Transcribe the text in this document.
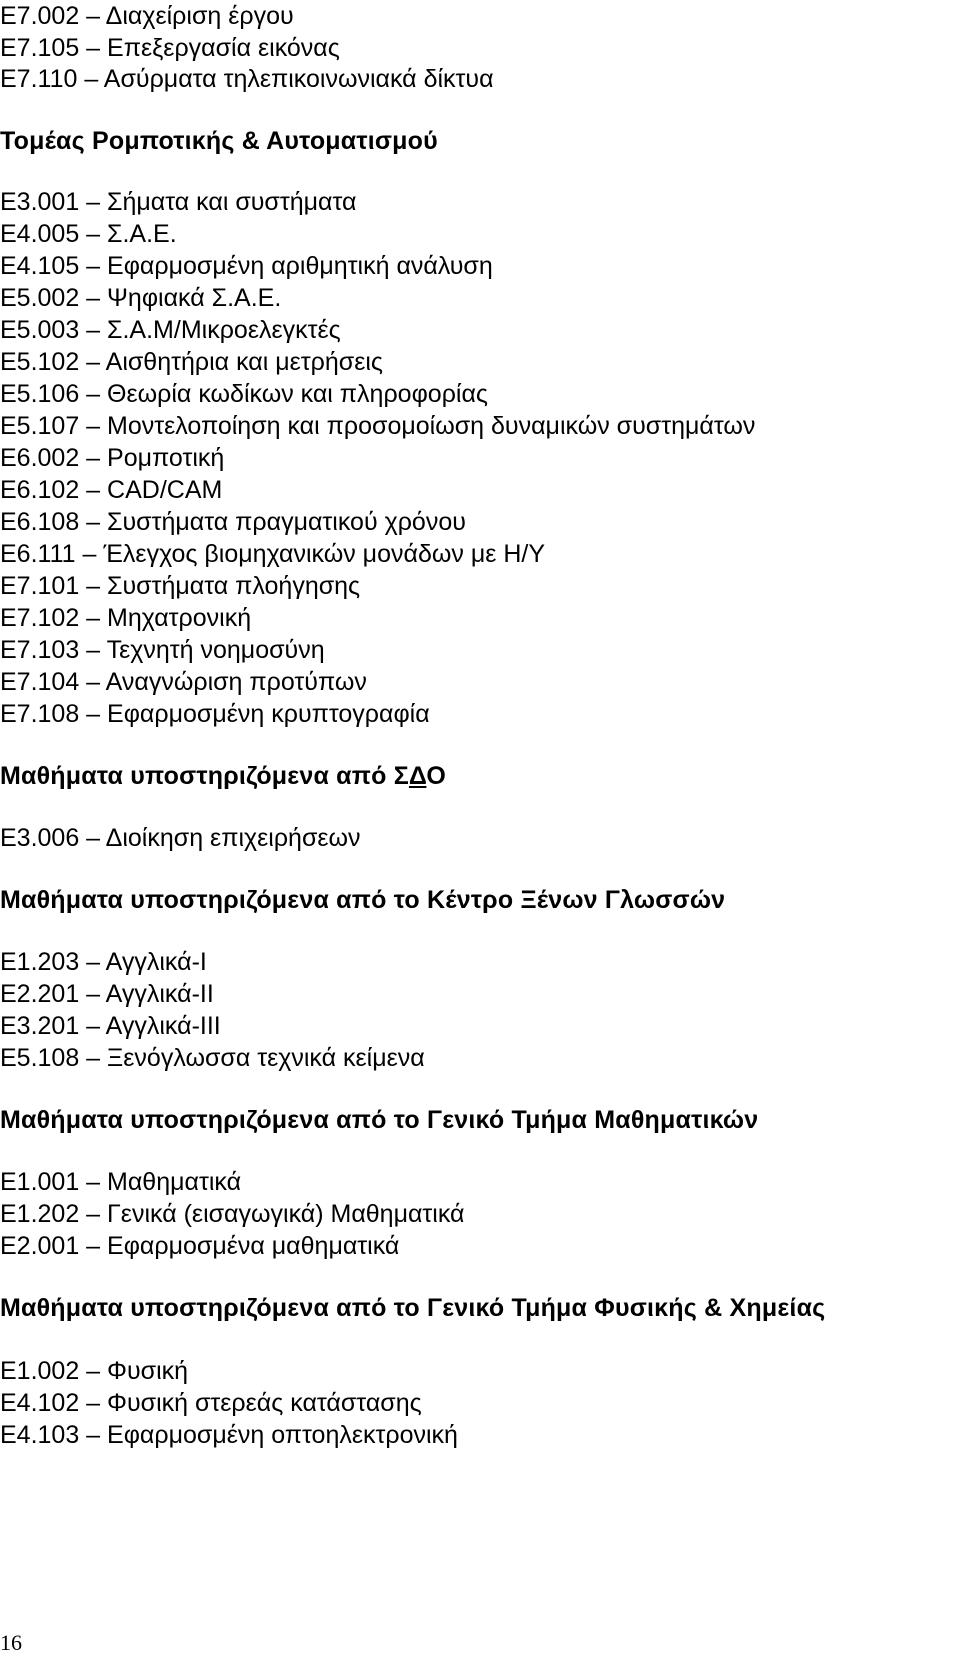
Ε7.002 – Διαχείριση έργου
Ε7.105 – Επεξεργασία εικόνας
Ε7.110 – Ασύρματα τηλεπικοινωνιακά δίκτυα
Τομέας Ρομποτικής & Αυτοματισμού
Ε3.001 – Σήματα και συστήματα
Ε4.005 – Σ.Α.Ε.
Ε4.105 – Εφαρμοσμένη αριθμητική ανάλυση
Ε5.002 – Ψηφιακά Σ.Α.Ε.
Ε5.003 – Σ.Α.Μ/Μικροελεγκτές
Ε5.102 – Αισθητήρια και μετρήσεις
Ε5.106 – Θεωρία κωδίκων και πληροφορίας
Ε5.107 – Μοντελοποίηση και προσομοίωση δυναμικών συστημάτων
Ε6.002 – Ρομποτική
Ε6.102 – CAD/CAM
Ε6.108 – Συστήματα πραγματικού χρόνου
Ε6.111 – Έλεγχος βιομηχανικών μονάδων με Η/Υ
Ε7.101 – Συστήματα πλοήγησης
Ε7.102 – Μηχατρονική
Ε7.103 – Τεχνητή νοημοσύνη
Ε7.104 – Αναγνώριση προτύπων
Ε7.108 – Εφαρμοσμένη κρυπτογραφία
Μαθήματα υποστηριζόμενα από ΣΔΟ
Ε3.006 – Διοίκηση επιχειρήσεων
Μαθήματα υποστηριζόμενα από το Κέντρο Ξένων Γλωσσών
Ε1.203 – Αγγλικά-Ι
Ε2.201 – Αγγλικά-ΙΙ
Ε3.201 – Αγγλικά-ΙΙΙ
Ε5.108 – Ξενόγλωσσα τεχνικά κείμενα
Μαθήματα υποστηριζόμενα από το Γενικό Τμήμα Μαθηματικών
Ε1.001 – Μαθηματικά
Ε1.202 – Γενικά (εισαγωγικά) Μαθηματικά
Ε2.001 – Εφαρμοσμένα μαθηματικά
Μαθήματα υποστηριζόμενα από το Γενικό Τμήμα Φυσικής & Χημείας
Ε1.002 – Φυσική
Ε4.102 – Φυσική στερεάς κατάστασης
Ε4.103 – Εφαρμοσμένη οπτοηλεκτρονική
16
